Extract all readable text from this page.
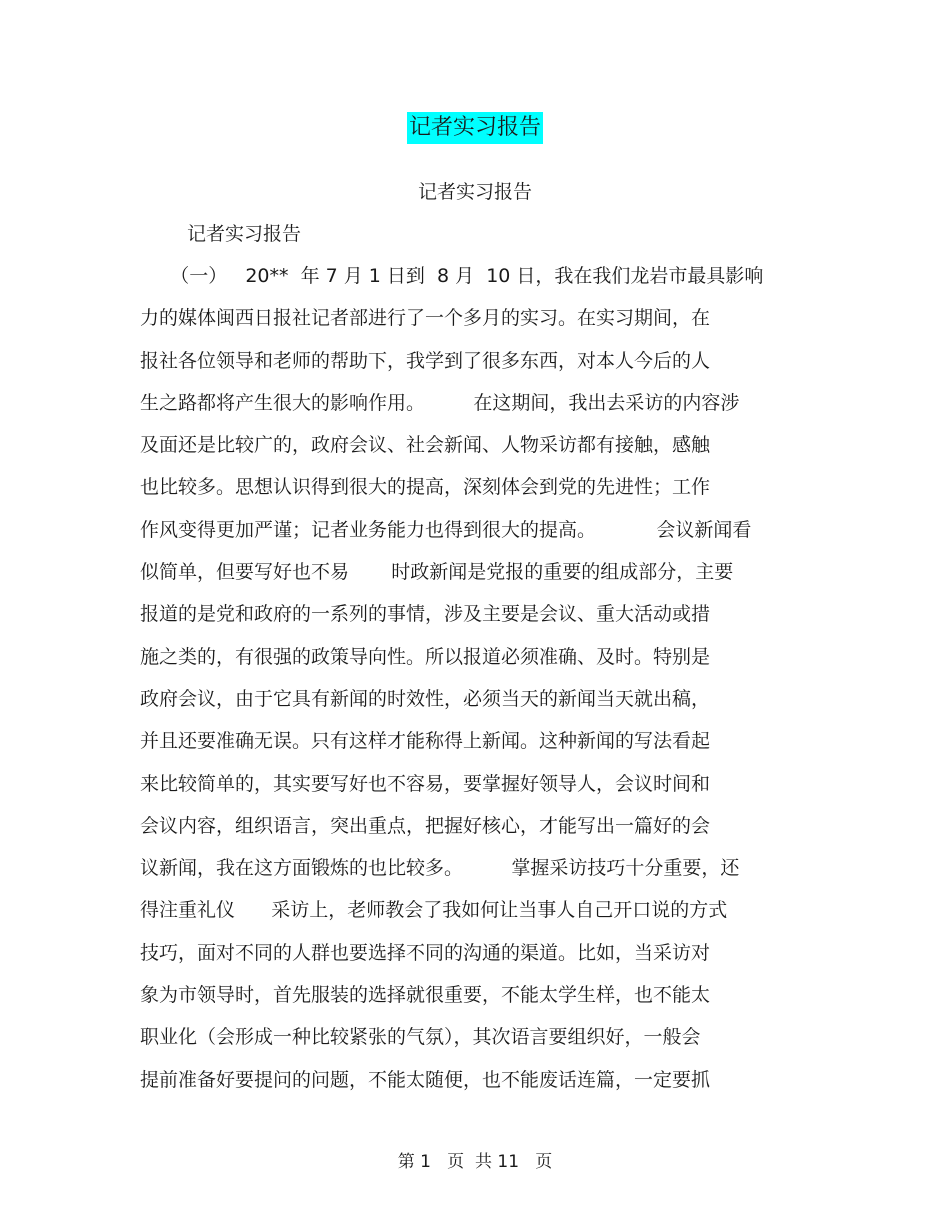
记者实习报告
记者实习报告
记者实习报告
（一）   20**  年 7 月 1 日到  8 月  10 日，我在我们龙岩市最具影响
力的媒体闽西日报社记者部进行了一个多月的实习。在实习期间，在
报社各位领导和老师的帮助下，我学到了很多东西，对本人今后的人
生之路都将产生很大的影响作用。        在这期间，我出去采访的内容涉
及面还是比较广的，政府会议、社会新闻、人物采访都有接触，感触
也比较多。思想认识得到很大的提高，深刻体会到党的先进性；工作
作风变得更加严谨；记者业务能力也得到很大的提高。          会议新闻看
似简单，但要写好也不易       时政新闻是党报的重要的组成部分，主要
报道的是党和政府的一系列的事情，涉及主要是会议、重大活动或措
施之类的，有很强的政策导向性。所以报道必须准确、及时。特别是
政府会议，由于它具有新闻的时效性，必须当天的新闻当天就出稿，
并且还要准确无误。只有这样才能称得上新闻。这种新闻的写法看起
来比较简单的，其实要写好也不容易，要掌握好领导人，会议时间和
会议内容，组织语言，突出重点，把握好核心，才能写出一篇好的会
议新闻，我在这方面锻炼的也比较多。        掌握采访技巧十分重要，还
得注重礼仪      采访上，老师教会了我如何让当事人自己开口说的方式
技巧，面对不同的人群也要选择不同的沟通的渠道。比如，当采访对
象为市领导时，首先服装的选择就很重要，不能太学生样，也不能太
职业化（会形成一种比较紧张的气氛），其次语言要组织好，一般会
提前准备好要提问的问题，不能太随便，也不能废话连篇，一定要抓
第 1   页  共 11   页
